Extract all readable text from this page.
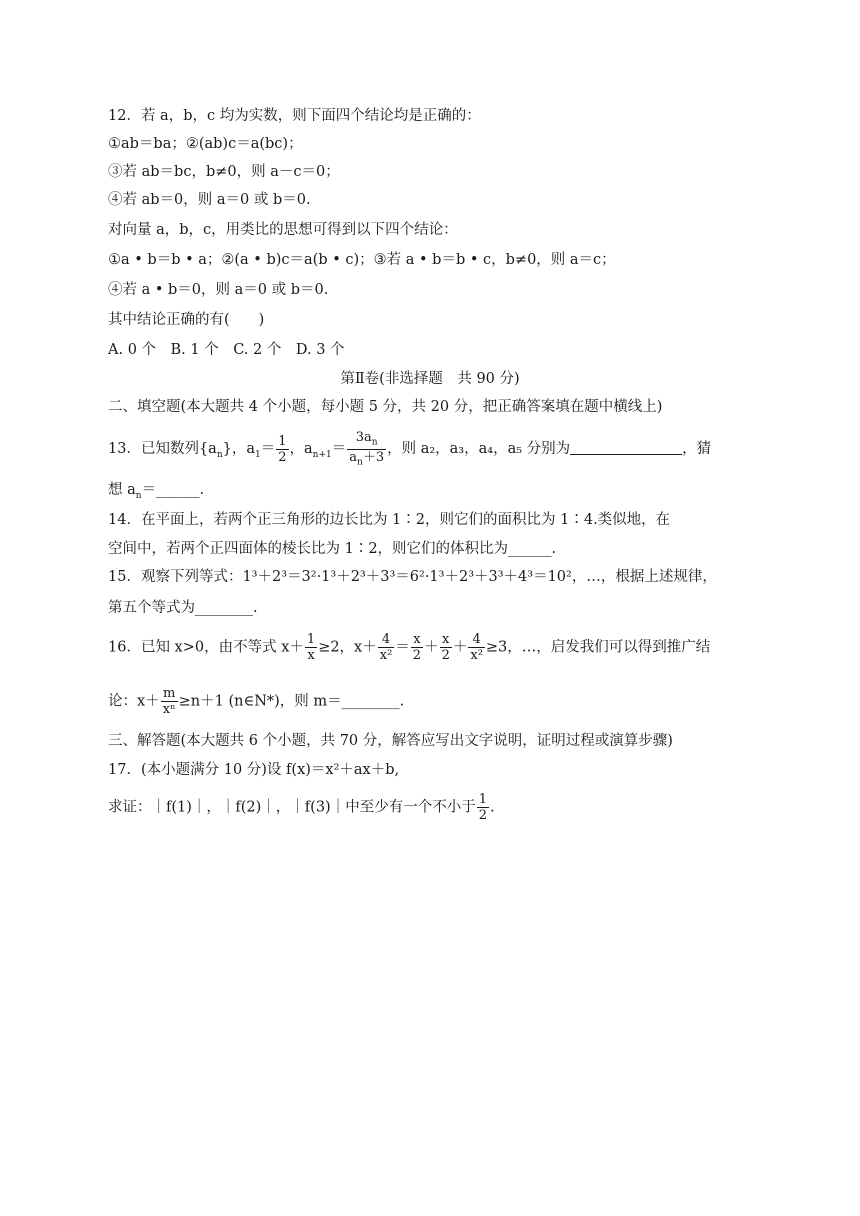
12．若 a，b，c 均为实数，则下面四个结论均是正确的：
①ab＝ba；②(ab)c＝a(bc)；
③若 ab＝bc，b≠0，则 a－c＝0；
④若 ab＝0，则 a＝0 或 b＝0.
对向量 a，b，c，用类比的思想可得到以下四个结论：
①a • b＝b • a；②(a • b)c＝a(b • c)；③若 a • b＝b • c，b≠0，则 a＝c；
④若 a • b＝0，则 a＝0 或 b＝0.
其中结论正确的有(　　)
A. 0 个　B. 1 个　C. 2 个　D. 3 个
第Ⅱ卷(非选择题　共 90 分)
二、填空题(本大题共 4 个小题，每小题 5 分，共 20 分，把正确答案填在题中横线上)
13．已知数列$\{a_n\}$，$a_1= \frac{1}{2}$ ，$a_{n+1}= \frac{3a_n}{a_n+3}$ ，则 a₂，a₃，a₄，a₅ 分别为	，猜
想 $a_n=\_\_\_\_\_\_$.
14．在平面上，若两个正三角形的边长比为 1∶2，则它们的面积比为 1∶4.类似地，在
空间中，若两个正四面体的棱长比为 1∶2，则它们的体积比为______.
15．观察下列等式：1³＋2³＝3²·1³＋2³＋3³＝6²·1³＋2³＋3³＋4³＝10²，…，根据上述规律，
第五个等式为________.
16．已知 x>0，由不等式 $x+ \frac{1}{x} \ge 2$，$x+ \frac{4}{\text{x²}} = \frac{x}{2} + \frac{x}{2} + \frac{4}{\text{x²}} \ge 3$，…，启发我们可以得到推广结
论：$x+ \frac{m}{\text{xⁿ}} \ge n+1$ (n∈N*)，则 m＝________.
三、解答题(本大题共 6 个小题，共 70 分，解答应写出文字说明，证明过程或演算步骤)
17．(本小题满分 10 分)设 f(x)＝x²＋ax＋b,
求证：｜f(1)｜，｜f(2)｜，｜f(3)｜中至少有一个不小于 $\frac{1}{2}$ .
